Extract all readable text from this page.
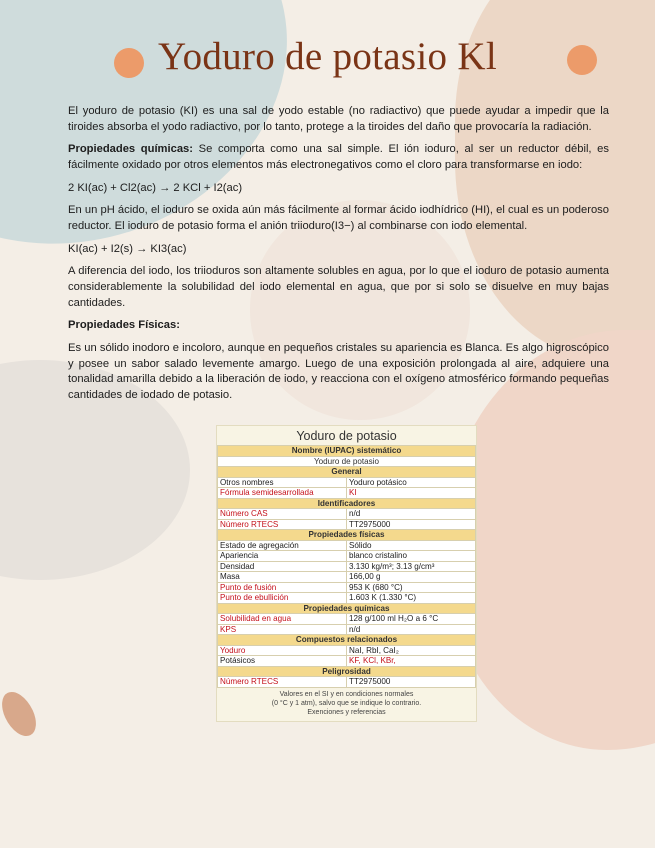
Yoduro de potasio Kl

El yoduro de potasio (KI) es una sal de yodo estable (no radiactivo) que puede ayudar a impedir que la tiroides absorba el yodo radiactivo, por lo tanto, protege a la tiroides del daño que provocaría la radiación.

Propiedades químicas: Se comporta como una sal simple. El ión ioduro, al ser un reductor débil, es fácilmente oxidado por otros elementos más electronegativos como el cloro para transformarse en iodo:

2 KI(ac) + Cl2(ac) → 2 KCl + I2(ac)

En un pH ácido, el ioduro se oxida aún más fácilmente al formar ácido iodhídrico (HI), el cual es un poderoso reductor. El ioduro de potasio forma el anión triioduro(I3−) al combinarse con iodo elemental.

KI(ac) + I2(s) → KI3(ac)

A diferencia del iodo, los triioduros son altamente solubles en agua, por lo que el ioduro de potasio aumenta considerablemente la solubilidad del iodo elemental en agua, que por si solo se disuelve en muy bajas cantidades.

Propiedades Físicas:

Es un sólido inodoro e incoloro, aunque en pequeños cristales su apariencia es Blanca. Es algo higroscópico y posee un sabor salado levemente amargo. Luego de una exposición prolongada al aire, adquiere una tonalidad amarilla debido a la liberación de iodo, y reacciona con el oxígeno atmosférico formando pequeñas cantidades de iodado de potasio.

Yoduro de potasio
Nombre (IUPAC) sistemático	
Yoduro de potasio	
General	
Otros nombres	Yoduro potásico
Fórmula semidesarrollada	KI
Identificadores	
Número CAS	n/d
Número RTECS	TT2975000
Propiedades físicas	
Estado de agregación	Sólido
Apariencia	blanco cristalino
Densidad	3.130 kg/m³; 3.13 g/cm³
Masa	166,00 g
Punto de fusión	953 K (680 °C)
Punto de ebullición	1.603 K (1.330 °C)
Propiedades químicas	
Solubilidad en agua	128 g/100 ml H₂O a 6 °C
KPS	n/d
Compuestos relacionados	
Yoduro	NaI, RbI, CaI₂
Potásicos	KF, KCl, KBr,
Peligrosidad	
Número RTECS	TT2975000
Valores en el SI y en condiciones normales
(0 °C y 1 atm), salvo que se indique lo contrario.
Exenciones y referencias
